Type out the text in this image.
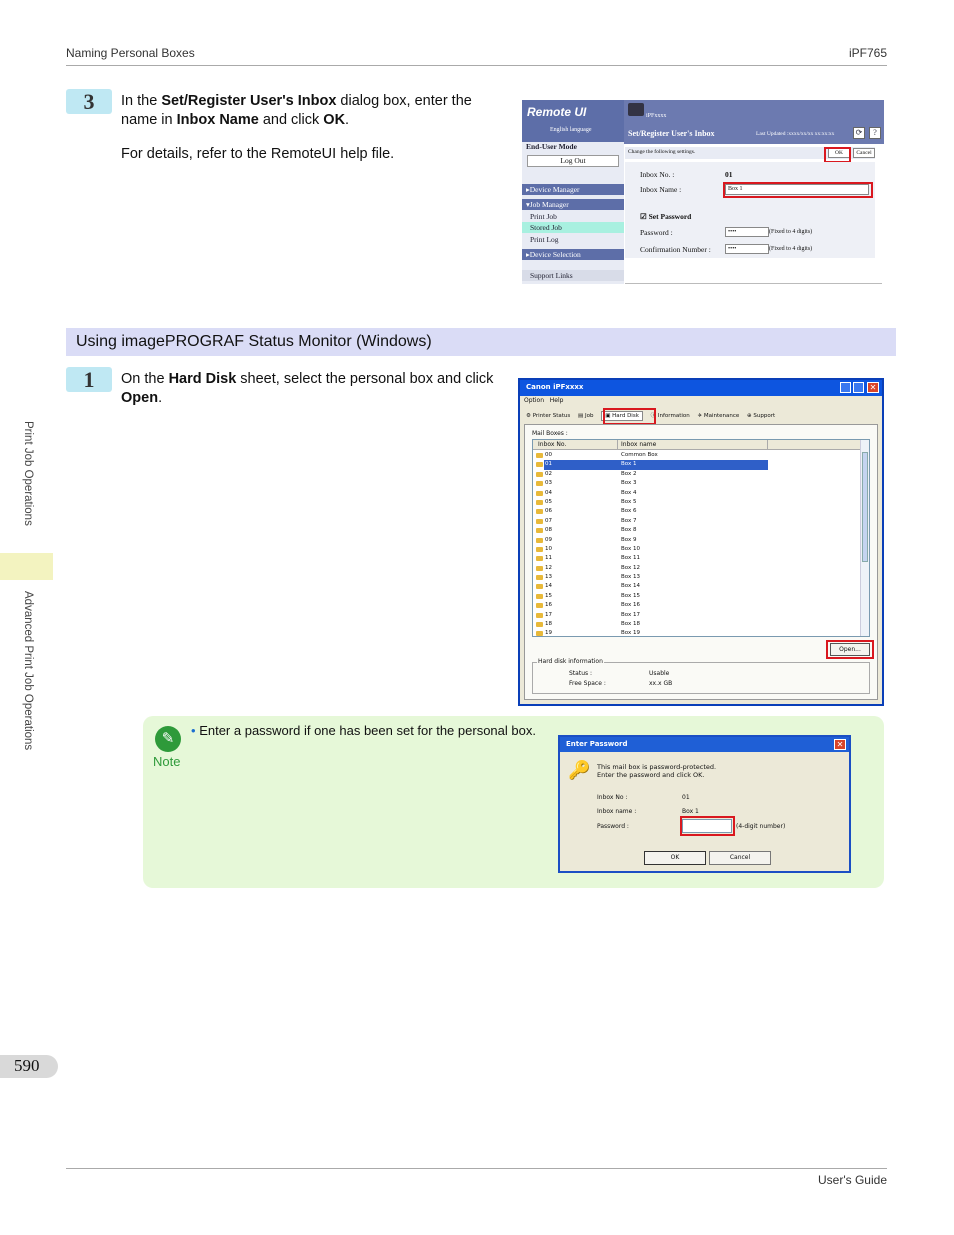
Naming Personal Boxes	iPF765
Print Job Operations
Advanced Print Job Operations
3	In the Set/Register User's Inbox dialog box, enter the name in Inbox Name and click OK.
For details, refer to the RemoteUI help file.
Remote UI
English language
End-User Mode
Log Out
▸Device Manager
▾Job Manager
Print Job
Stored Job
Print Log
▸Device Selection
Support Links
iPFxxxx
Set/Register User's Inbox	Last Updated :xxxx/xx/xx xx:xx:xx	⟳	?
Change the following settings.	OK	Cancel
Inbox No. :	01
Inbox Name :	Box 1
☑ Set Password
Password :	••••	(Fixed to 4 digits)
Confirmation Number :	••••	(Fixed to 4 digits)
Using imagePROGRAF Status Monitor (Windows)
1	On the Hard Disk sheet, select the personal box and click Open.
Canon iPFxxxx	✕
Option Help
⚙ Printer Status ▤ Job ▣ Hard Disk ⓘ Information ✈ Maintenance ⊕ Support
Mail Boxes :
Inbox No.	Inbox name
00	Common Box
01	Box 1
02	Box 2
03	Box 3
04	Box 4
05	Box 5
06	Box 6
07	Box 7
08	Box 8
09	Box 9
10	Box 10
11	Box 11
12	Box 12
13	Box 13
14	Box 14
15	Box 15
16	Box 16
17	Box 17
18	Box 18
19	Box 19
Open...
Hard disk information
Status :	Usable
Free Space :	xx.x GB
✎
Note
• Enter a password if one has been set for the personal box.
Enter Password	✕
🔑 This mail box is password-protected.
Enter the password and click OK.
Inbox No :	01
Inbox name :	Box 1
Password :	(4-digit number)
OK	Cancel
590
User's Guide
